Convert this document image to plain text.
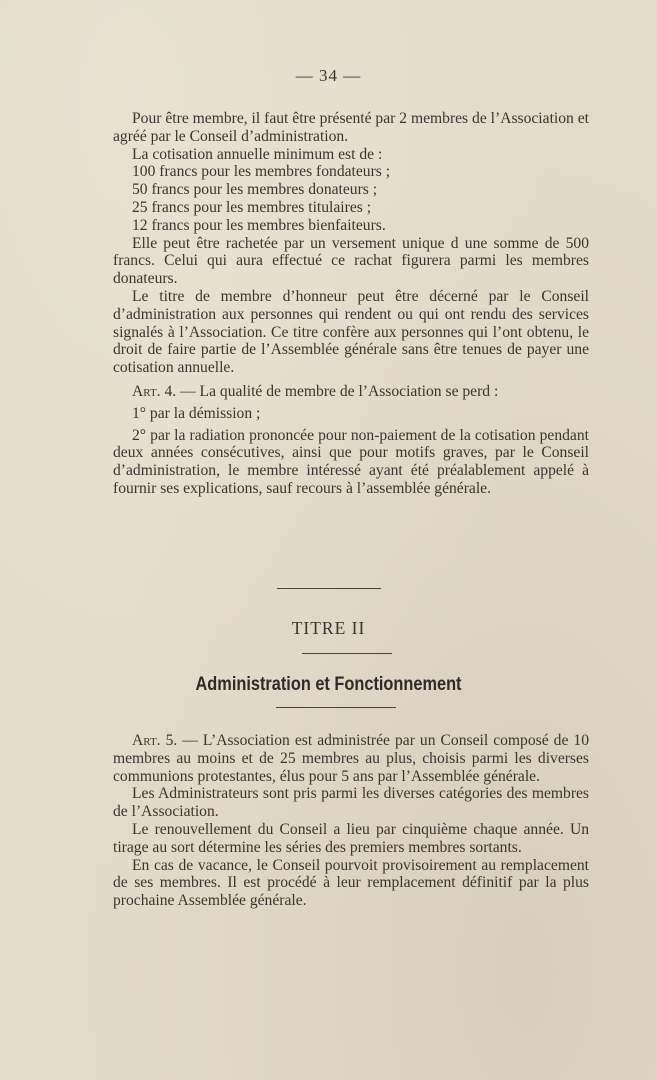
— 34 —

Pour être membre, il faut être présenté par 2 membres de l’Association et agréé par le Conseil d’administration.

La cotisation annuelle minimum est de :

100 francs pour les membres fondateurs ;

50 francs pour les membres donateurs ;

25 francs pour les membres titulaires ;

12 francs pour les membres bienfaiteurs.

Elle peut être rachetée par un versement unique d une somme de 500 francs. Celui qui aura effectué ce rachat figurera parmi les membres donateurs.

Le titre de membre d’honneur peut être décerné par le Conseil d’administration aux personnes qui rendent ou qui ont rendu des services signalés à l’Association. Ce titre confère aux personnes qui l’ont obtenu, le droit de faire partie de l’Assemblée générale sans être tenues de payer une cotisation annuelle.

Art. 4. — La qualité de membre de l’Association se perd :

1° par la démission ;

2° par la radiation prononcée pour non-paiement de la cotisation pendant deux années consécutives, ainsi que pour motifs graves, par le Conseil d’administration, le membre intéressé ayant été préalablement appelé à fournir ses explications, sauf recours à l’assemblée générale.

TITRE II
Administration et Fonctionnement

Art. 5. — L’Association est administrée par un Conseil composé de 10 membres au moins et de 25 membres au plus, choisis parmi les diverses communions protestantes, élus pour 5 ans par l’Assemblée générale.

Les Administrateurs sont pris parmi les diverses catégories des membres de l’Association.

Le renouvellement du Conseil a lieu par cinquième chaque année. Un tirage au sort détermine les séries des premiers membres sortants.

En cas de vacance, le Conseil pourvoit provisoirement au remplacement de ses membres. Il est procédé à leur remplacement définitif par la plus prochaine Assemblée générale.
